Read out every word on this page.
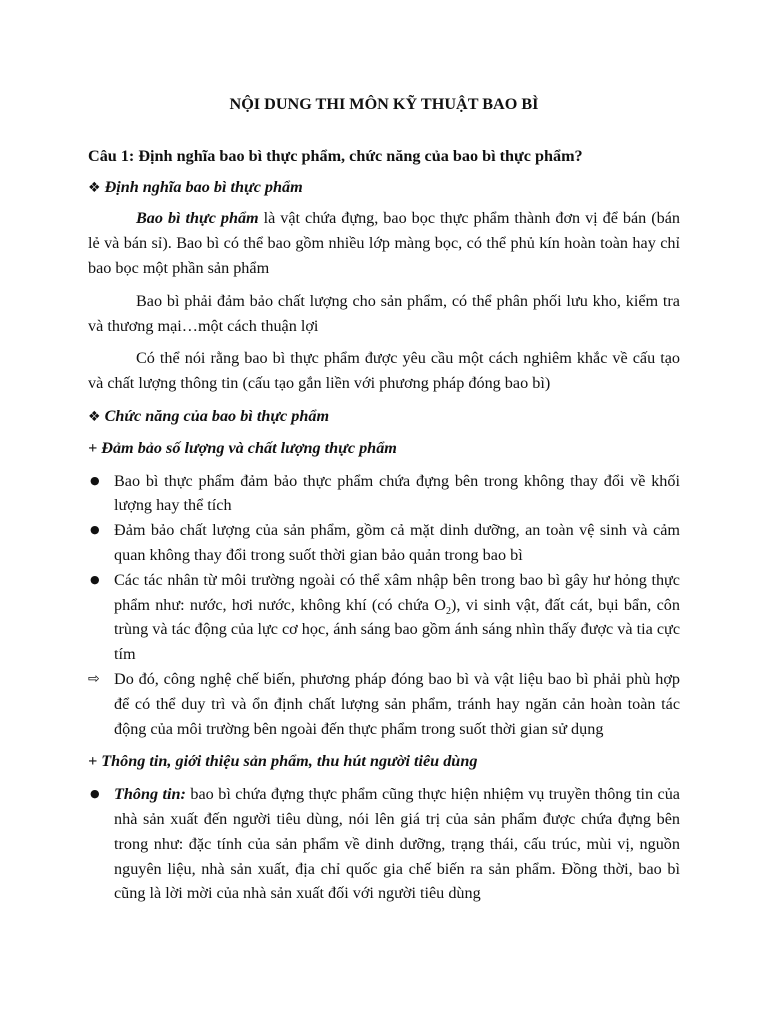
NỘI DUNG THI MÔN KỸ THUẬT BAO BÌ

Câu 1: Định nghĩa bao bì thực phẩm, chức năng của bao bì thực phẩm?

❖ Định nghĩa bao bì thực phẩm

Bao bì thực phẩm là vật chứa đựng, bao bọc thực phẩm thành đơn vị để bán (bán lẻ và bán sỉ). Bao bì có thể bao gồm nhiều lớp màng bọc, có thể phủ kín hoàn toàn hay chỉ bao bọc một phần sản phẩm

Bao bì phải đảm bảo chất lượng cho sản phẩm, có thể phân phối lưu kho, kiểm tra và thương mại…một cách thuận lợi

Có thể nói rằng bao bì thực phẩm được yêu cầu một cách nghiêm khắc về cấu tạo và chất lượng thông tin (cấu tạo gắn liền với phương pháp đóng bao bì)

❖ Chức năng của bao bì thực phẩm

+ Đảm bảo số lượng và chất lượng thực phẩm

● Bao bì thực phẩm đảm bảo thực phẩm chứa đựng bên trong không thay đổi về khối lượng hay thể tích
● Đảm bảo chất lượng của sản phẩm, gồm cả mặt dinh dưỡng, an toàn vệ sinh và cảm quan không thay đổi trong suốt thời gian bảo quản trong bao bì
● Các tác nhân từ môi trường ngoài có thể xâm nhập bên trong bao bì gây hư hỏng thực phẩm như: nước, hơi nước, không khí (có chứa $O_2$), vi sinh vật, đất cát, bụi bẩn, côn trùng và tác động của lực cơ học, ánh sáng bao gồm ánh sáng nhìn thấy được và tia cực tím
⇨ Do đó, công nghệ chế biến, phương pháp đóng bao bì và vật liệu bao bì phải phù hợp để có thể duy trì và ổn định chất lượng sản phẩm, tránh hay ngăn cản hoàn toàn tác động của môi trường bên ngoài đến thực phẩm trong suốt thời gian sử dụng

+ Thông tin, giới thiệu sản phẩm, thu hút người tiêu dùng

● Thông tin: bao bì chứa đựng thực phẩm cũng thực hiện nhiệm vụ truyền thông tin của nhà sản xuất đến người tiêu dùng, nói lên giá trị của sản phẩm được chứa đựng bên trong như: đặc tính của sản phẩm về dinh dưỡng, trạng thái, cấu trúc, mùi vị, nguồn nguyên liệu, nhà sản xuất, địa chỉ quốc gia chế biến ra sản phẩm. Đồng thời, bao bì cũng là lời mời của nhà sản xuất đối với người tiêu dùng
